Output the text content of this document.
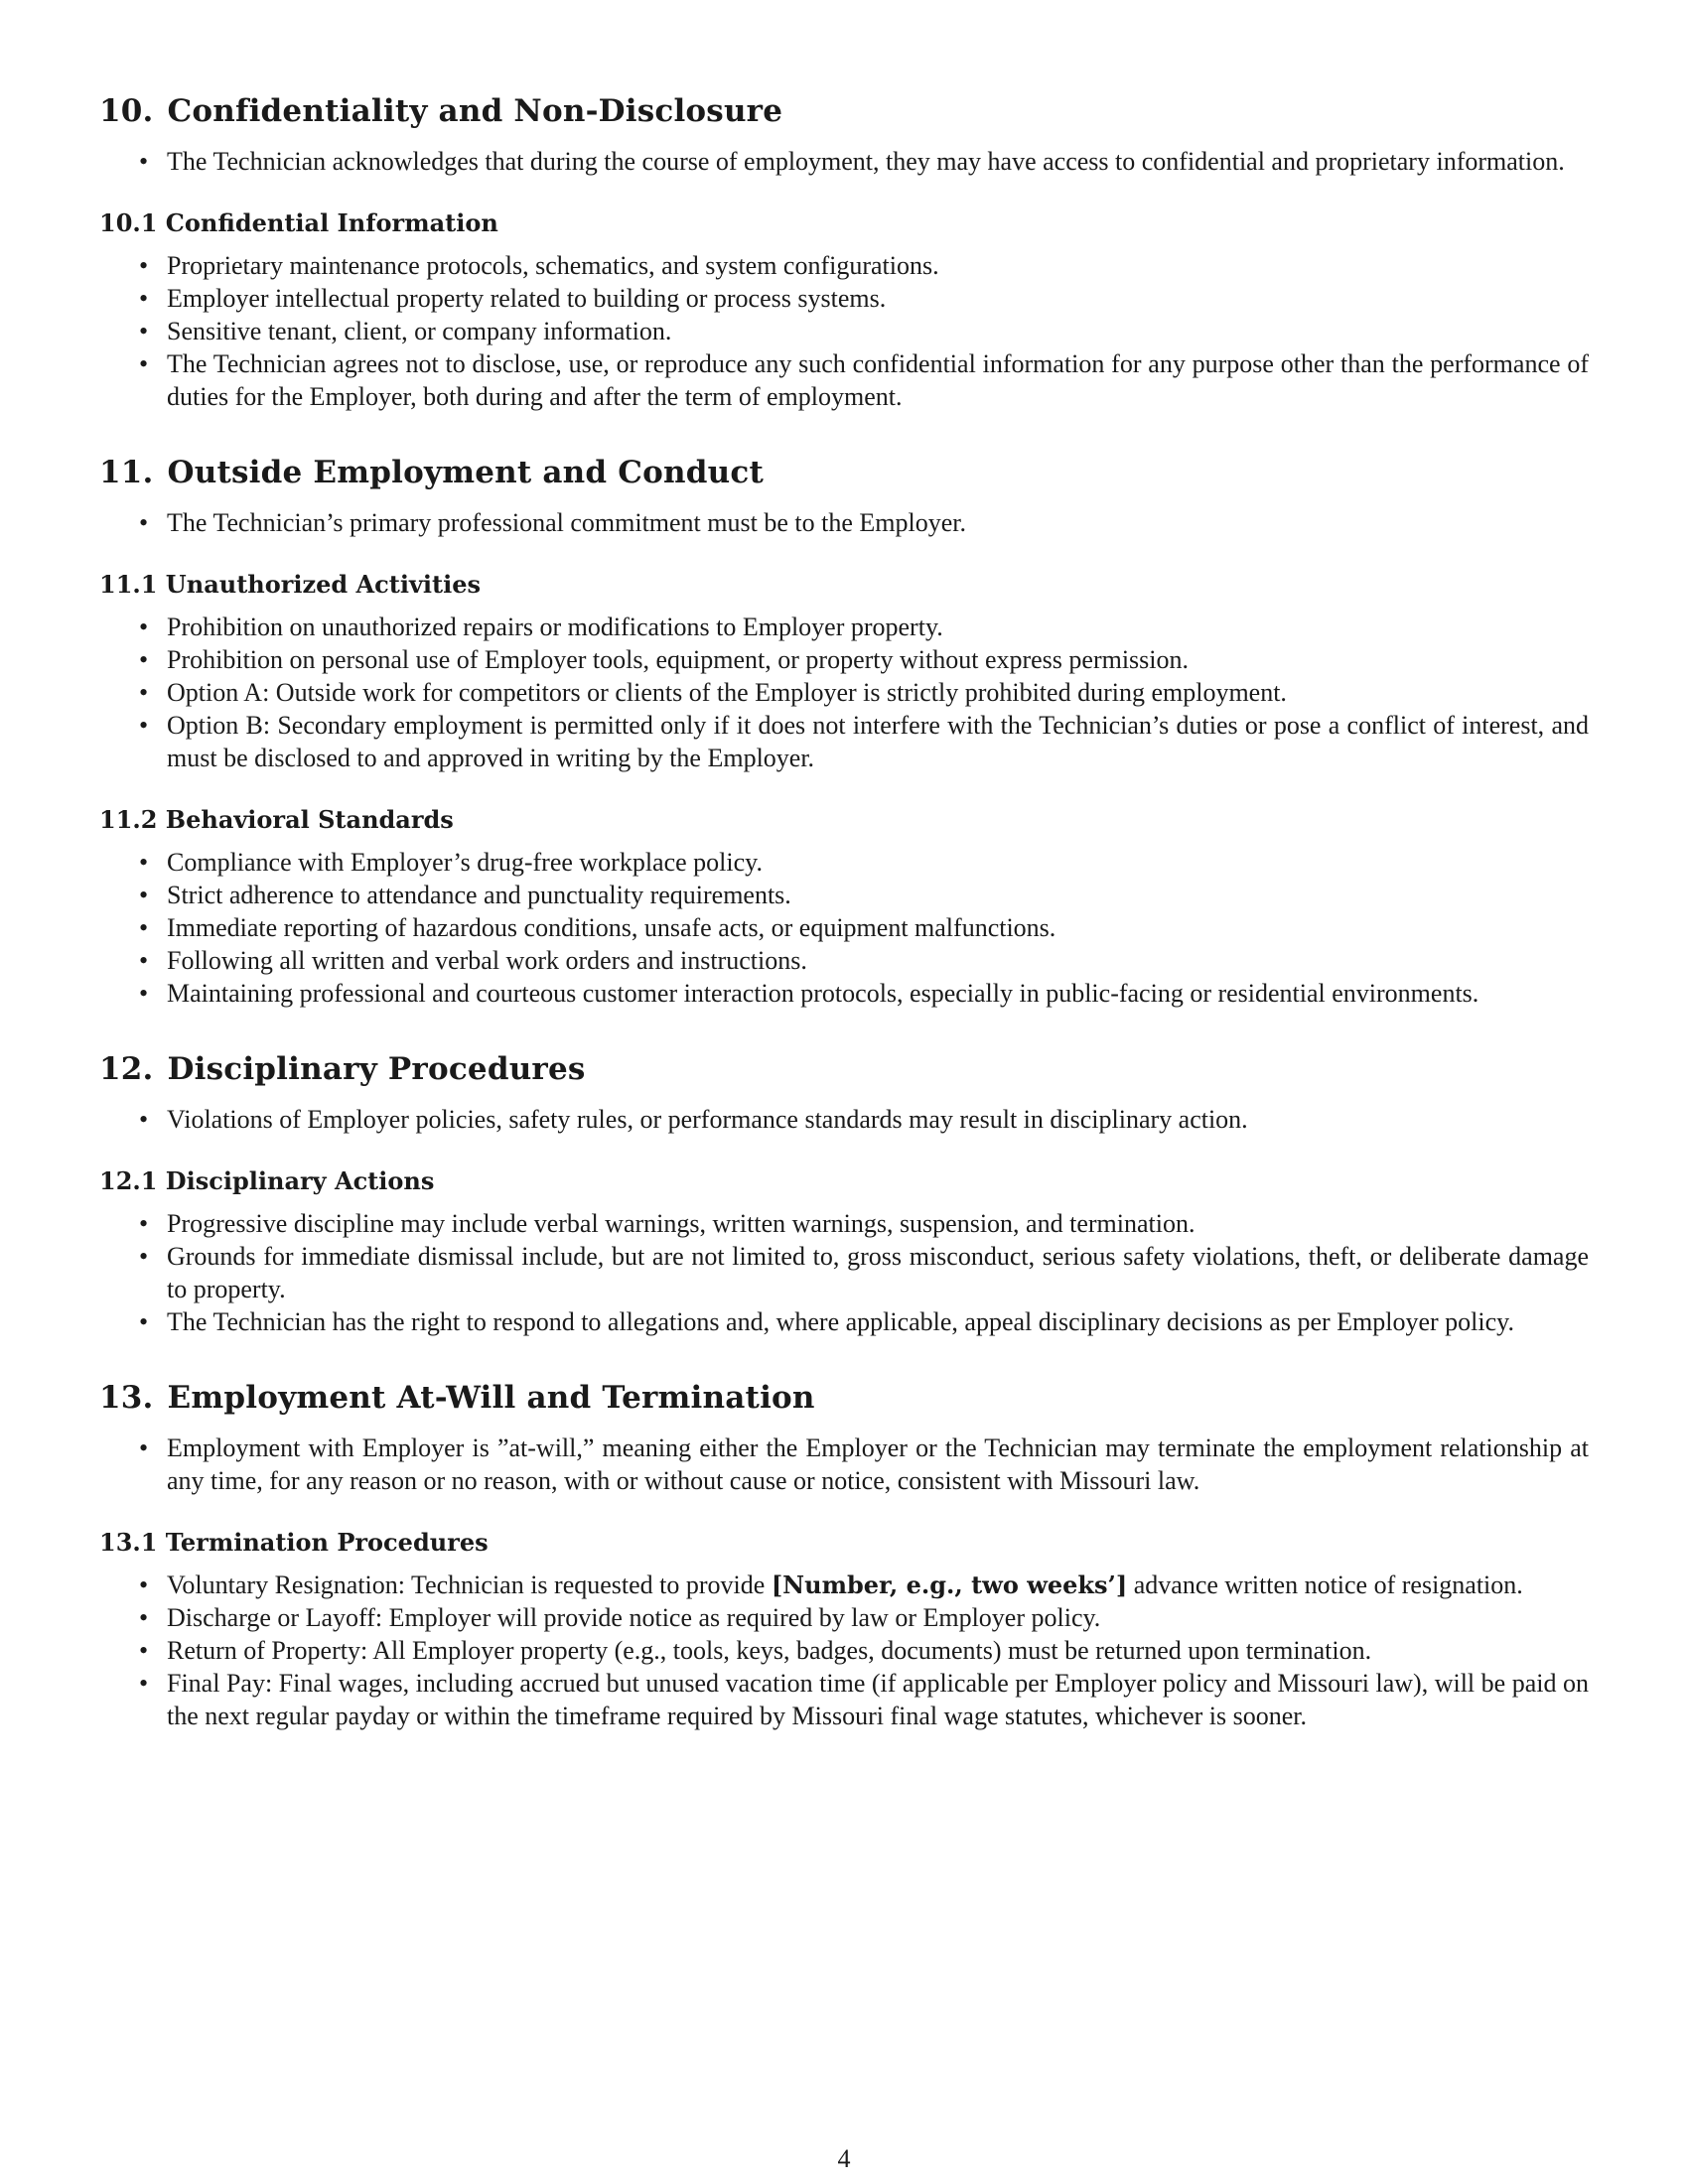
10. Confidentiality and Non-Disclosure
• The Technician acknowledges that during the course of employment, they may have access to confidential and proprietary information.
10.1 Confidential Information
• Proprietary maintenance protocols, schematics, and system configurations.
• Employer intellectual property related to building or process systems.
• Sensitive tenant, client, or company information.
• The Technician agrees not to disclose, use, or reproduce any such confidential information for any purpose other than the performance of duties for the Employer, both during and after the term of employment.
11. Outside Employment and Conduct
• The Technician’s primary professional commitment must be to the Employer.
11.1 Unauthorized Activities
• Prohibition on unauthorized repairs or modifications to Employer property.
• Prohibition on personal use of Employer tools, equipment, or property without express permission.
• Option A: Outside work for competitors or clients of the Employer is strictly prohibited during employment.
• Option B: Secondary employment is permitted only if it does not interfere with the Technician’s duties or pose a conflict of interest, and must be disclosed to and approved in writing by the Employer.
11.2 Behavioral Standards
• Compliance with Employer’s drug-free workplace policy.
• Strict adherence to attendance and punctuality requirements.
• Immediate reporting of hazardous conditions, unsafe acts, or equipment malfunctions.
• Following all written and verbal work orders and instructions.
• Maintaining professional and courteous customer interaction protocols, especially in public-facing or residential environments.
12. Disciplinary Procedures
• Violations of Employer policies, safety rules, or performance standards may result in disciplinary action.
12.1 Disciplinary Actions
• Progressive discipline may include verbal warnings, written warnings, suspension, and termination.
• Grounds for immediate dismissal include, but are not limited to, gross misconduct, serious safety violations, theft, or deliberate damage to property.
• The Technician has the right to respond to allegations and, where applicable, appeal disciplinary decisions as per Employer policy.
13. Employment At-Will and Termination
• Employment with Employer is ”at-will,” meaning either the Employer or the Technician may terminate the employment relationship at any time, for any reason or no reason, with or without cause or notice, consistent with Missouri law.
13.1 Termination Procedures
• Voluntary Resignation: Technician is requested to provide [Number, e.g., two weeks’] advance written notice of resignation.
• Discharge or Layoff: Employer will provide notice as required by law or Employer policy.
• Return of Property: All Employer property (e.g., tools, keys, badges, documents) must be returned upon termination.
• Final Pay: Final wages, including accrued but unused vacation time (if applicable per Employer policy and Missouri law), will be paid on the next regular payday or within the timeframe required by Missouri final wage statutes, whichever is sooner.
4
